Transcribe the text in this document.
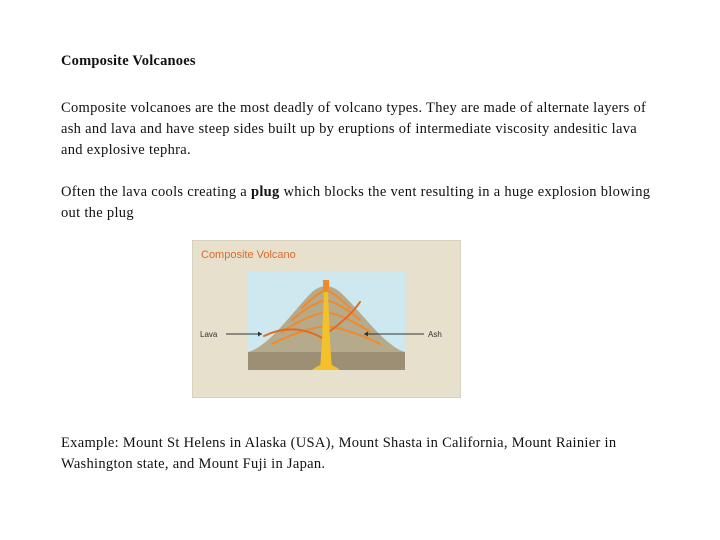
Composite Volcanoes

Composite volcanoes are the most deadly of volcano types. They are made of alternate layers of ash and lava and have steep sides built up by eruptions of intermediate viscosity andesitic lava and explosive tephra.

Often the lava cools creating a plug which blocks the vent resulting in a huge explosion blowing out the plug

Example: Mount St Helens in Alaska (USA), Mount Shasta in California, Mount Rainier in Washington state, and Mount Fuji in Japan.

Composite Volcano
Lava	Ash
